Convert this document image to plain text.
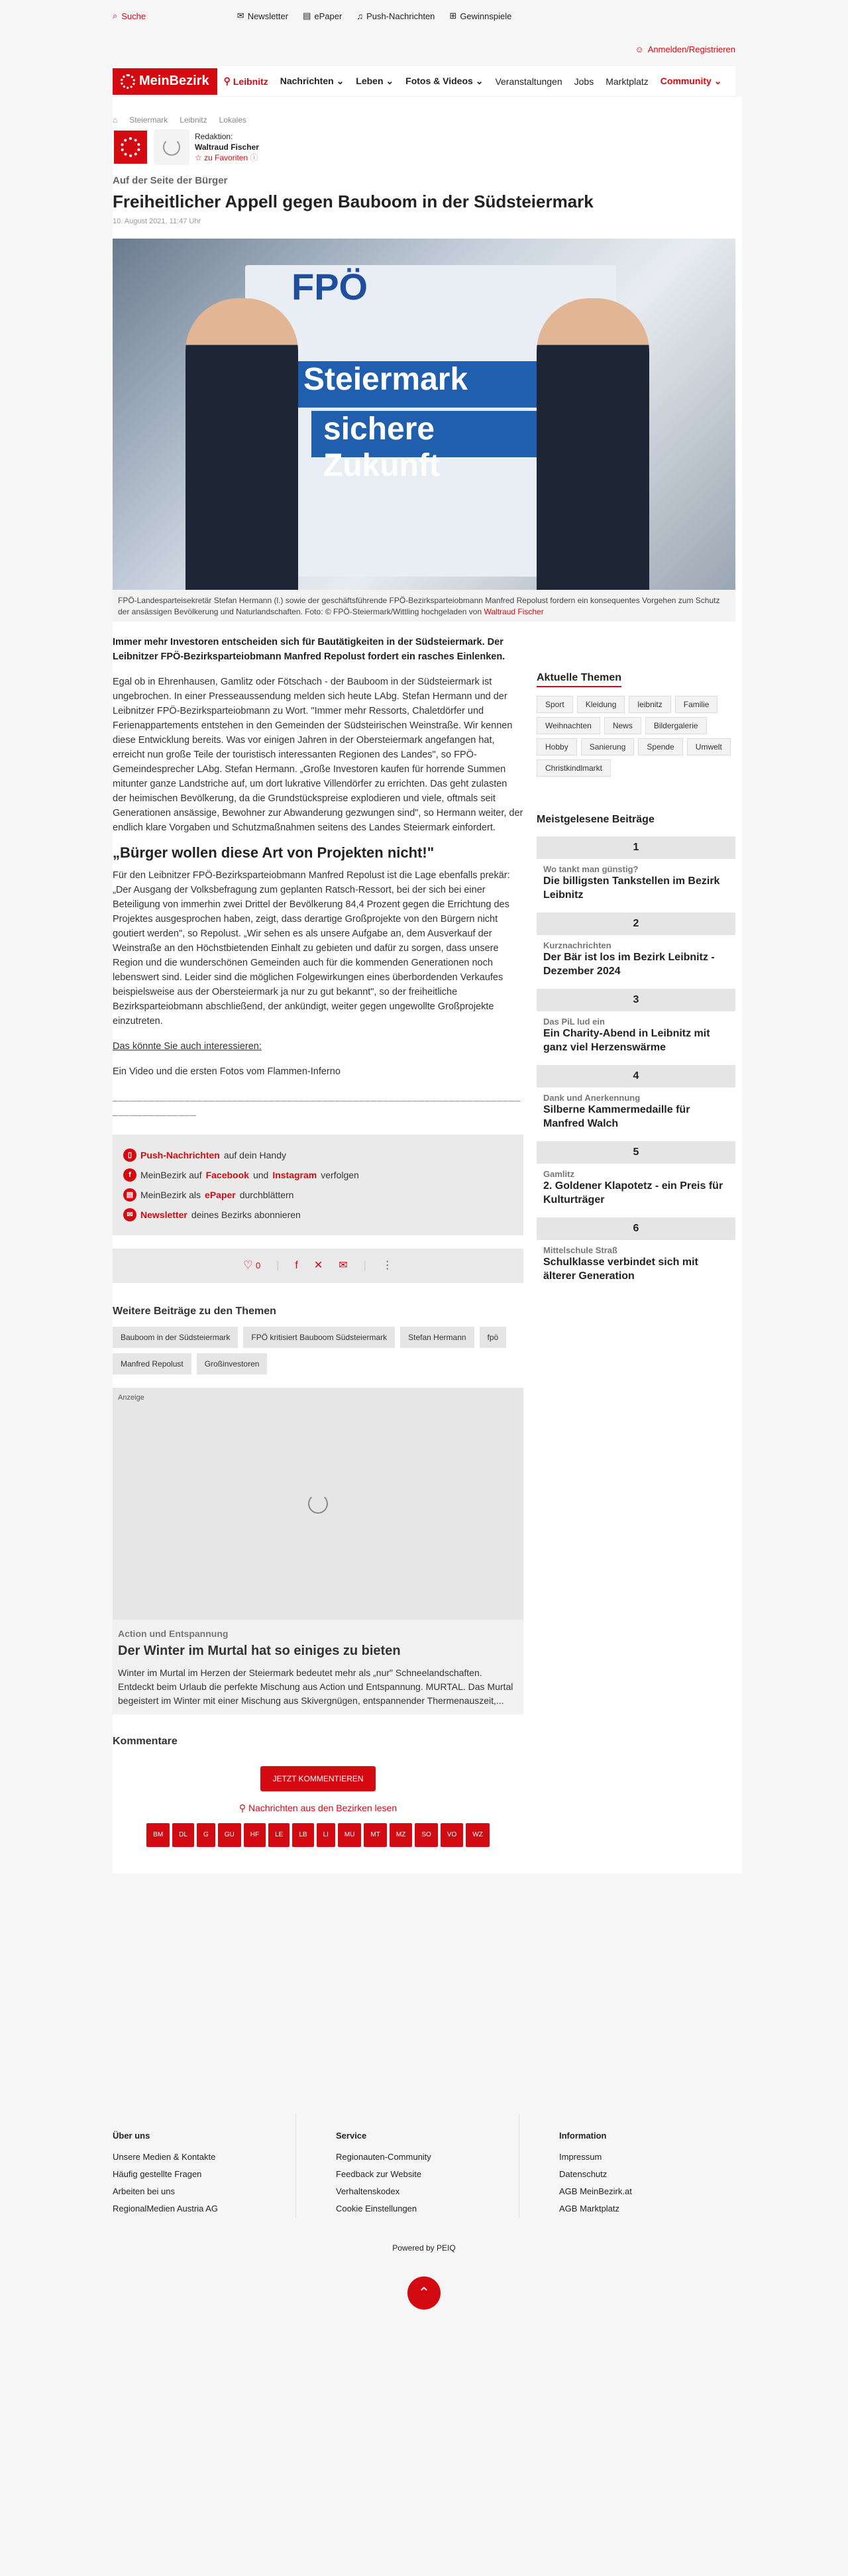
⌕ Suche	✉ Newsletter ▤ ePaper ♫ Push-Nachrichten ⊞ Gewinnspiele
☺ Anmelden/Registrieren
MeinBezirk ⚲ Leibnitz Nachrichten ⌄ Leben ⌄ Fotos & Videos ⌄ Veranstaltungen Jobs Marktplatz Community ⌄
⌂ Steiermark Leibnitz Lokales
Redaktion:
Waltraud Fischer
☆ zu Favoriten ⓘ
Auf der Seite der Bürger
Freiheitlicher Appell gegen Bauboom in der Südsteiermark
10. August 2021, 11:47 Uhr
FPÖ
Steiermark
sichere Zukunft
FPÖ-Landesparteisekretär Stefan Hermann (l.) sowie der geschäftsführende FPÖ-Bezirksparteiobmann Manfred Repolust fordern ein konsequentes Vorgehen zum Schutz der ansässigen Bevölkerung und Naturlandschaften. Foto: © FPÖ-Steiermark/Wittling hochgeladen von Waltraud Fischer

Immer mehr Investoren entscheiden sich für Bautätigkeiten in der Südsteiermark. Der Leibnitzer FPÖ-Bezirksparteiobmann Manfred Repolust fordert ein rasches Einlenken.

Egal ob in Ehrenhausen, Gamlitz oder Fötschach - der Bauboom in der Südsteiermark ist ungebrochen. In einer Presseaussendung melden sich heute LAbg. Stefan Hermann und der Leibnitzer FPÖ-Bezirksparteiobmann zu Wort. "Immer mehr Ressorts, Chaletdörfer und Ferienappartements entstehen in den Gemeinden der Südsteirischen Weinstraße. Wir kennen diese Entwicklung bereits. Was vor einigen Jahren in der Obersteiermark angefangen hat, erreicht nun große Teile der touristisch interessanten Regionen des Landes", so FPÖ-Gemeindesprecher LAbg. Stefan Hermann. „Große Investoren kaufen für horrende Summen mitunter ganze Landstriche auf, um dort lukrative Villendörfer zu errichten. Das geht zulasten der heimischen Bevölkerung, da die Grundstückspreise explodieren und viele, oftmals seit Generationen ansässige, Bewohner zur Abwanderung gezwungen sind", so Hermann weiter, der endlich klare Vorgaben und Schutzmaßnahmen seitens des Landes Steiermark einfordert.

„Bürger wollen diese Art von Projekten nicht!"

Für den Leibnitzer FPÖ-Bezirksparteiobmann Manfred Repolust ist die Lage ebenfalls prekär: „Der Ausgang der Volksbefragung zum geplanten Ratsch-Ressort, bei der sich bei einer Beteiligung von immerhin zwei Drittel der Bevölkerung 84,4 Prozent gegen die Errichtung des Projektes ausgesprochen haben, zeigt, dass derartige Großprojekte von den Bürgern nicht goutiert werden", so Repolust. „Wir sehen es als unsere Aufgabe an, dem Ausverkauf der Weinstraße an den Höchstbietenden Einhalt zu gebieten und dafür zu sorgen, dass unsere Region und die wunderschönen Gemeinden auch für die kommenden Generationen noch lebenswert sind. Leider sind die möglichen Folgewirkungen eines überbordenden Verkaufes beispielsweise aus der Obersteiermark ja nur zu gut bekannt", so der freiheitliche Bezirksparteiobmann abschließend, der ankündigt, weiter gegen ungewollte Großprojekte einzutreten.

Das könnte Sie auch interessieren:

Ein Video und die ersten Fotos vom Flammen-Inferno

__________________________________________________________________________________
▯ Push-Nachrichten auf dein Handy
f	MeinBezirk auf Facebook und Instagram verfolgen
▤ MeinBezirk als ePaper durchblättern
✉ Newsletter deines Bezirks abonnieren
♡ 0 | f ✕ ✉ | ⋮
Weitere Beiträge zu den Themen
Bauboom in der Südsteiermark	FPÖ kritisiert Bauboom Südsteiermark	Stefan Hermann	fpö
Manfred Repolust	Großinvestoren
Anzeige
Action und Entspannung
Der Winter im Murtal hat so einiges zu bieten
Winter im Murtal im Herzen der Steiermark bedeutet mehr als „nur" Schneelandschaften. Entdeckt beim Urlaub die perfekte Mischung aus Action und Entspannung. MURTAL. Das Murtal begeistert im Winter mit einer Mischung aus Skivergnügen, entspannender Thermenauszeit,...
Kommentare
JETZT KOMMENTIEREN
⚲ Nachrichten aus den Bezirken lesen
BM	DL	G	GU	HF	LE	LB	LI	MU	MT	MZ	SO	VO	WZ
Aktuelle Themen
Sport	Kleidung	leibnitz	Familie
Weihnachten	News	Bildergalerie
Hobby	Sanierung	Spende	Umwelt
Christkindlmarkt
Meistgelesene Beiträge
1
Wo tankt man günstig?
Die billigsten Tankstellen im Bezirk Leibnitz
2
Kurznachrichten
Der Bär ist los im Bezirk Leibnitz - Dezember 2024
3
Das PiL lud ein
Ein Charity-Abend in Leibnitz mit ganz viel Herzenswärme
4
Dank und Anerkennung
Silberne Kammermedaille für Manfred Walch
5
Gamlitz
2. Goldener Klapotetz - ein Preis für Kulturträger
6
Mittelschule Straß
Schulklasse verbindet sich mit älterer Generation
Über uns
Unsere Medien & Kontakte
Häufig gestellte Fragen
Arbeiten bei uns
RegionalMedien Austria AG
Service
Regionauten-Community
Feedback zur Website
Verhaltenskodex
Cookie Einstellungen
Information
Impressum
Datenschutz
AGB MeinBezirk.at
AGB Marktplatz
Powered by PEIQ
⌃
